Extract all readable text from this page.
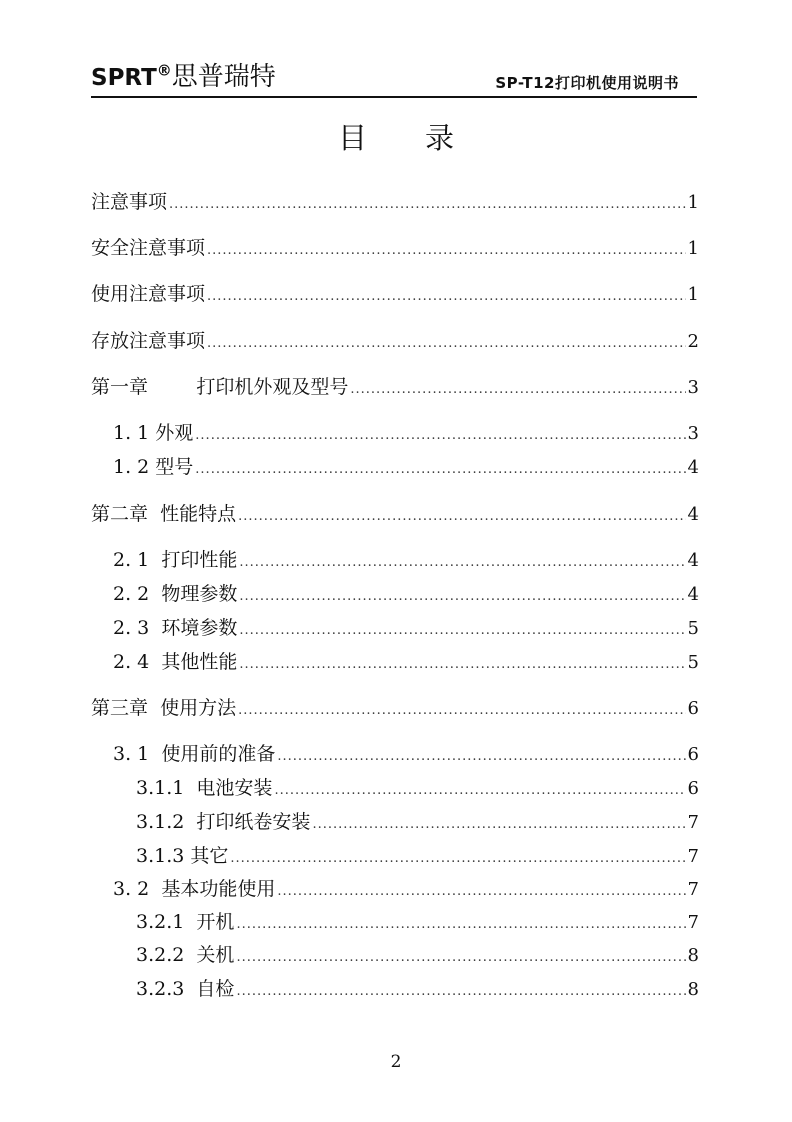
SPRT®思普瑞特	SP-T12打印机使用说明书
目 录
注意事项 .....	1
安全注意事项 .....	1
使用注意事项 .....	1
存放注意事项 .....	2
第一章        打印机外观及型号 .....	3
1. 1 外观 .....	3
1. 2 型号 .....	4
第二章  性能特点 .....	4
2. 1  打印性能 .....	4
2. 2  物理参数 .....	4
2. 3  环境参数 .....	5
2. 4  其他性能 .....	5
第三章  使用方法 .....	6
3. 1  使用前的准备 .....	6
3.1.1  电池安装 .....	6
3.1.2  打印纸卷安装 .....	7
3.1.3 其它 .....	7
3. 2  基本功能使用 .....	7
3.2.1  开机 .....	7
3.2.2  关机 .....	8
3.2.3  自检 .....	8
2
